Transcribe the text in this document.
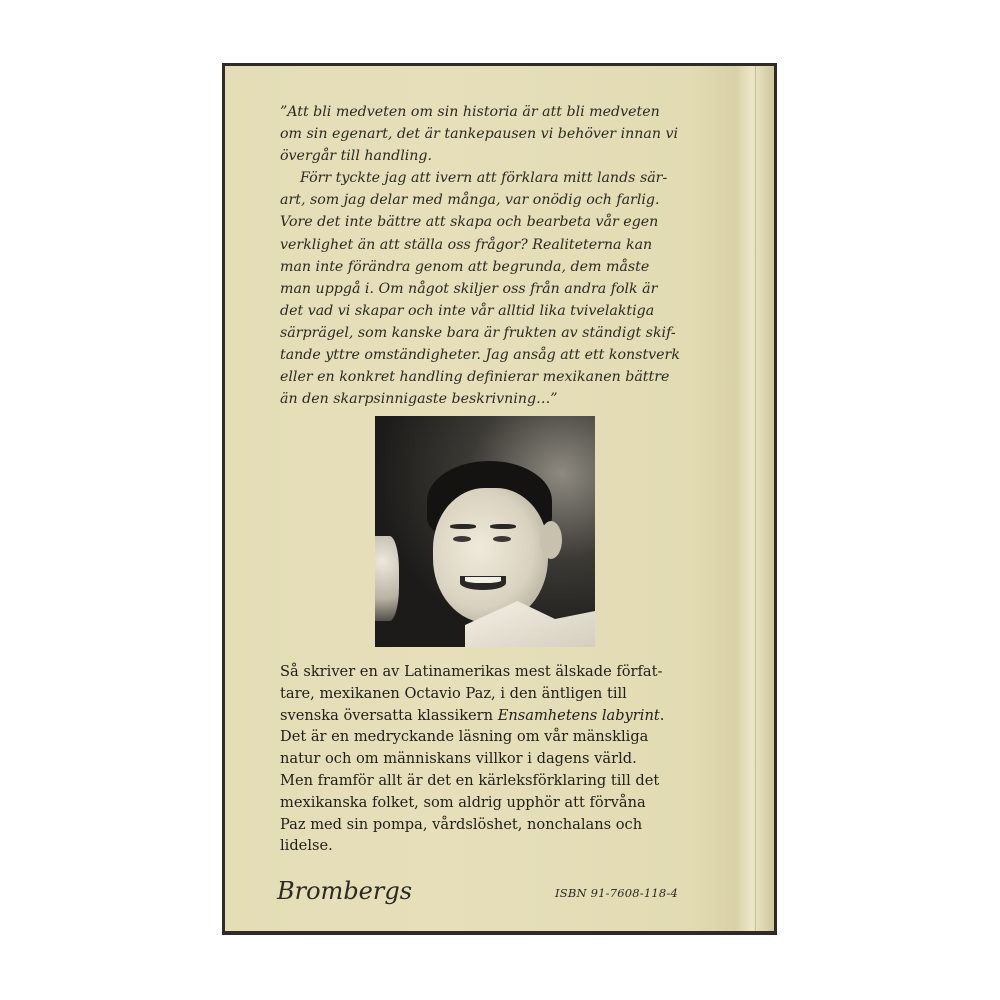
”Att bli medveten om sin historia är att bli medveten
om sin egenart, det är tankepausen vi behöver innan vi
övergår till handling.

Förr tyckte jag att ivern att förklara mitt lands sär-
art, som jag delar med många, var onödig och farlig.
Vore det inte bättre att skapa och bearbeta vår egen
verklighet än att ställa oss frågor? Realiteterna kan
man inte förändra genom att begrunda, dem måste
man uppgå i. Om något skiljer oss från andra folk är
det vad vi skapar och inte vår alltid lika tvivelaktiga
särprägel, som kanske bara är frukten av ständigt skif-
tande yttre omständigheter. Jag ansåg att ett konstverk
eller en konkret handling definierar mexikanen bättre
än den skarpsinnigaste beskrivning…”

Så skriver en av Latinamerikas mest älskade förfat-
tare, mexikanen Octavio Paz, i den äntligen till
svenska översatta klassikern Ensamhetens labyrint.
Det är en medryckande läsning om vår mänskliga
natur och om människans villkor i dagens värld.
Men framför allt är det en kärleksförklaring till det
mexikanska folket, som aldrig upphör att förvåna
Paz med sin pompa, vårdslöshet, nonchalans och
lidelse.
Brombergs	ISBN 91-7608-118-4
